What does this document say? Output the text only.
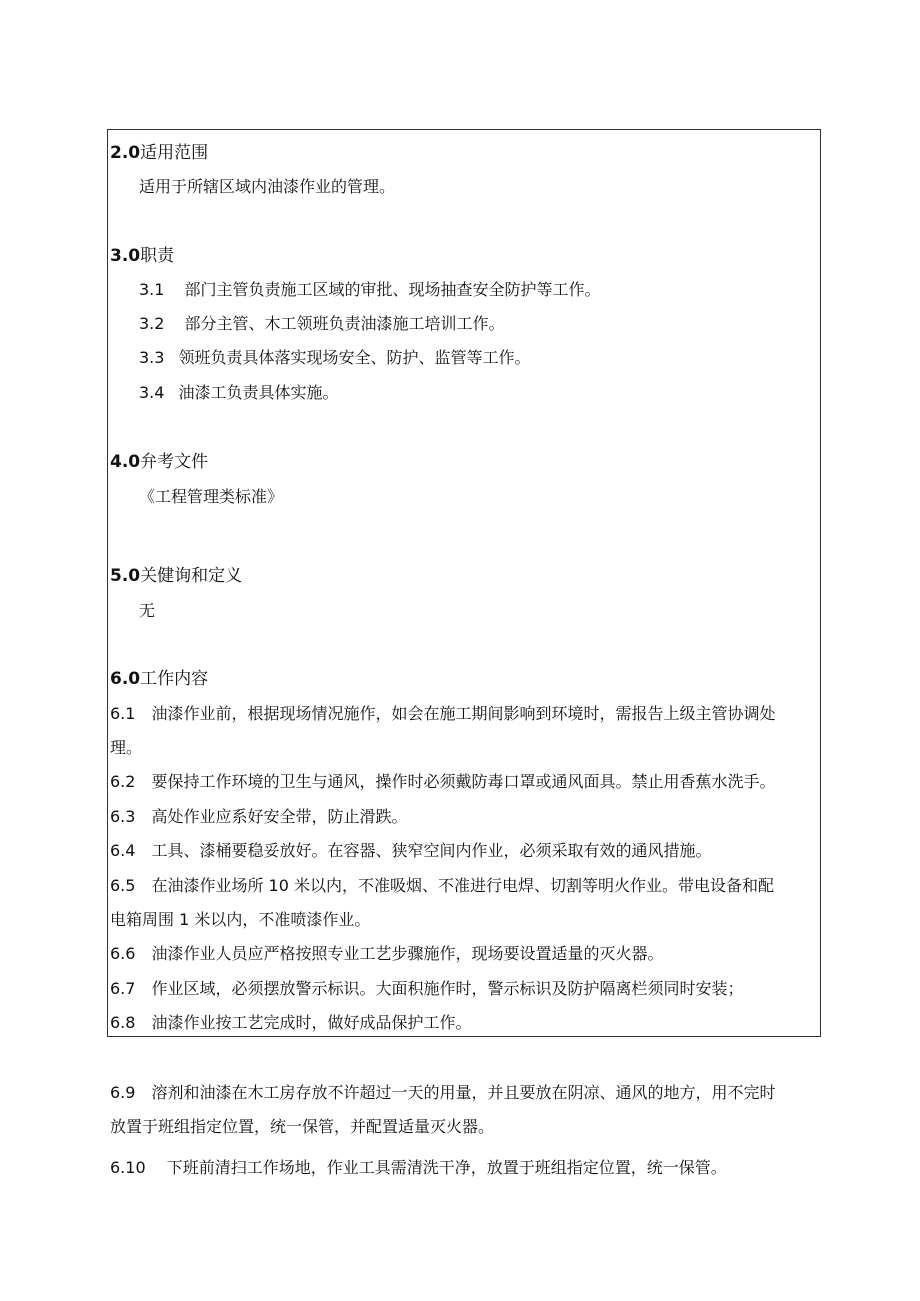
2.0适用范围
适用于所辖区域内油漆作业的管理。
3.0职责
3.1 部门主管负责施工区域的审批、现场抽查安全防护等工作。
3.2 部分主管、木工领班负责油漆施工培训工作。
3.3 领班负责具体落实现场安全、防护、监管等工作。
3.4 油漆工负责具体实施。
4.0弁考文件
《工程管理类标准》
5.0关健询和定义
无
6.0工作内容
6.1　油漆作业前，根据现场情况施作，如会在施工期间影响到环境时，需报告上级主管协调处
理。
6.2　要保持工作环境的卫生与通风，操作时必须戴防毒口罩或通风面具。禁止用香蕉水洗手。
6.3　高处作业应系好安全带，防止滑跌。
6.4　工具、漆桶要稳妥放好。在容器、狭窄空间内作业，必须采取有效的通风措施。
6.5　在油漆作业场所 10 米以内，不准吸烟、不准进行电焊、切割等明火作业。带电设备和配
电箱周围 1 米以内，不准喷漆作业。
6.6　油漆作业人员应严格按照专业工艺步骤施作，现场要设置适量的灭火器。
6.7　作业区域，必须摆放警示标识。大面积施作时，警示标识及防护隔离栏须同时安装；
6.8　油漆作业按工艺完成时，做好成品保护工作。
6.9　溶剂和油漆在木工房存放不许超过一天的用量，并且要放在阴凉、通风的地方，用不完时
放置于班组指定位置，统一保管，并配置适量灭火器。
6.10　 下班前清扫工作场地，作业工具需清洗干净，放置于班组指定位置，统一保管。
